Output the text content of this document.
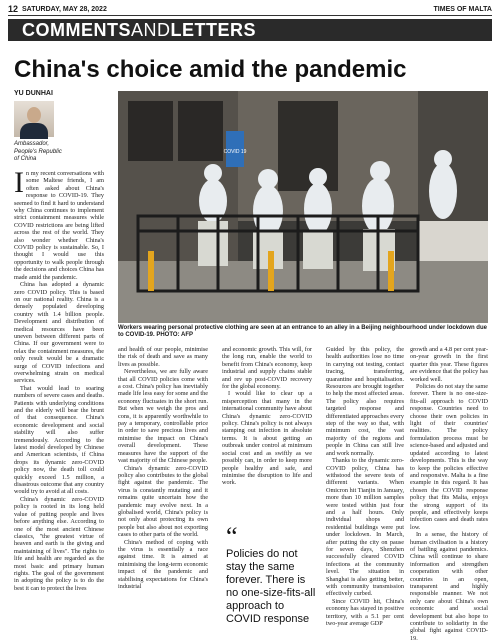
12 SATURDAY, MAY 28, 2022	TIMES OF MALTA
COMMENTSANDLETTERS
China's choice amid the pandemic
YU DUNHAI
Ambassador,
People's Republic
of China
COVID 19
Workers wearing personal protective clothing are seen at an entrance to an alley in a Beijing neighbourhood under lockdown due to COVID-19. PHOTO: AFP

In my recent conversations with some Maltese friends, I am often asked about China's response to COVID-19. They seemed to find it hard to understand why China continues to implement strict containment measures while COVID restrictions are being lifted across the rest of the world. They also wonder whether China's COVID policy is sustainable. So, I thought I would use this opportunity to walk people through the decisions and choices China has made amid the pandemic.

China has adopted a dynamic zero COVID policy. This is based on our national reality. China is a densely populated developing country with 1.4 billion people. Development and distribution of medical resources have been uneven between different parts of China. If our government were to relax the containment measures, the only result would be a dramatic surge of COVID infections and overwhelming strain on medical services.

That would lead to soaring numbers of severe cases and deaths. Patients with underlying conditions and the elderly will bear the brunt of that consequence. China's economic development and social stability will also suffer tremendously. According to the latest model developed by Chinese and American scientists, if China drops its dynamic zero-COVID policy now, the death toll could quickly exceed 1.5 million, a disastrous outcome that any country would try to avoid at all costs.

China's dynamic zero-COVID policy is rooted in its long held value of putting people and lives before anything else. According to one of the most ancient Chinese classics, "the greatest virtue of heaven and earth is the giving and maintaining of lives". The rights to life and health are regarded as the most basic and primary human rights. The goal of the government in adopting the policy is to do the best it can to protect the lives

and health of our people, minimise the risk of death and save as many lives as possible.

Nevertheless, we are fully aware that all COVID policies come with a cost. China's policy has inevitably made life less easy for some and the economy fluctuates in the short run. But when we weigh the pros and cons, it is apparently worthwhile to pay a temporary, controllable price in order to save precious lives and minimise the impact on China's overall development. These measures have the support of the vast majority of the Chinese people.

China's dynamic zero-COVID policy also contributes to the global fight against the pandemic. The virus is constantly mutating and it remains quite uncertain how the pandemic may evolve next. In a globalised world, China's policy is not only about protecting its own people but also about not exporting cases to other parts of the world.

China's method of coping with the virus is essentially a race against time. It is aimed at minimising the long-term economic impact of the pandemic and stabilising expectations for China's industrial

and economic growth. This will, for the long run, enable the world to benefit from China's economy, keep industrial and supply chains stable and rev up post-COVID recovery for the global economy.

I would like to clear up a misperception that many in the international community have about China's dynamic zero-COVID policy. China's policy is not always stamping out infection in absolute terms. It is about getting an outbreak under control at minimum social cost and as swiftly as we possibly can, in order to keep more people healthy and safe, and minimise the disruption to life and work.

“
Policies do not stay the same forever. There is no one-size-fits-all approach to COVID response

Guided by this policy, the health authorities lose no time in carrying out testing, contact tracing, transferring, quarantine and hospitalisation. Resources are brought together to help the most affected areas. The policy also requires targeted response and differentiated approaches every step of the way so that, with minimum cost, the vast majority of the regions and people in China can still live and work normally.

Thanks to the dynamic zero-COVID policy, China has withstood the severe tests of different variants. When Omicron hit Tianjin in January, more than 10 million samples were tested within just four and a half hours. Only individual shops and residential buildings were put under lockdown. In March, after putting the city on pause for seven days, Shenzhen successfully cleared COVID infections at the community level. The situation in Shanghai is also getting better, with community transmission effectively curbed.

Since COVID hit, China's economy has stayed in positive territory, with a 5.1 per cent two-year average GDP

growth and a 4.8 per cent year-on-year growth in the first quarter this year. These figures are evidence that the policy has worked well.

Policies do not stay the same forever. There is no one-size-fits-all approach to COVID response. Countries need to choose their own policies in light of their countries' realities. The policy formulation process must be science-based and adjusted and updated according to latest developments. This is the way to keep the policies effective and responsive. Malta is a fine example in this regard. It has chosen the COVID response policy that fits Malta, enjoys the strong support of its people, and effectively keeps infection cases and death rates low.

In a sense, the history of human civilisation is a history of battling against pandemics. China will continue to share information and strengthen cooperation with other countries in an open, transparent and highly responsible manner. We not only care about China's own economic and social development but also hope to contribute to solidarity in the global fight against COVID-19.
